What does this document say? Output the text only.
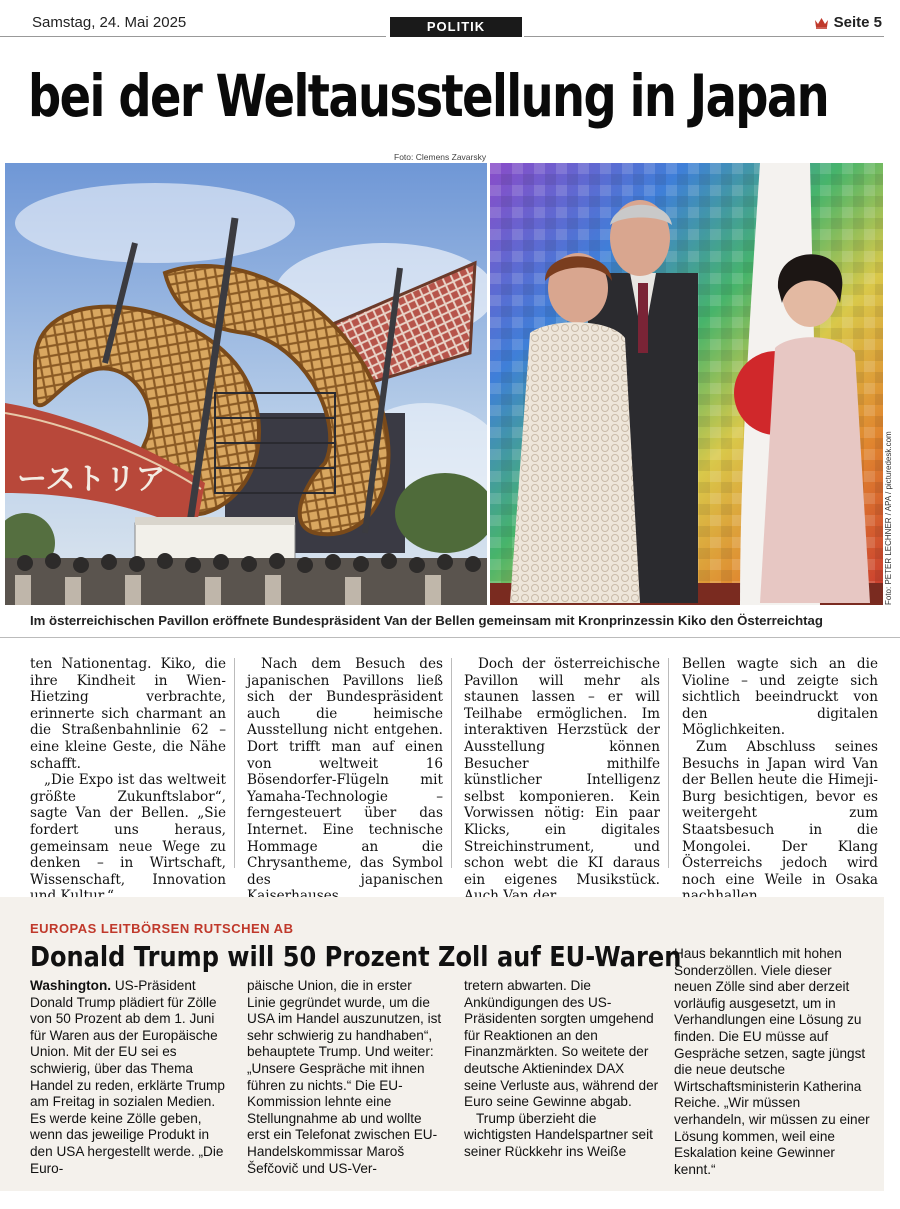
Samstag, 24. Mai 2025	POLITIK	Seite 5
bei der Weltausstellung in Japan
Foto: Clemens Zavarsky
ーストリア	Foto: PETER LECHNER / APA / picturedesk.com
Im österreichischen Pavillon eröffnete Bundespräsident Van der Bellen gemeinsam mit Kronprinzessin Kiko den Österreichtag

ten Nationentag. Kiko, die ihre Kindheit in Wien-Hietzing verbrachte, erinnerte sich charmant an die Straßenbahnlinie 62 – eine kleine Geste, die Nähe schafft.

„Die Expo ist das weltweit größte Zukunftslabor“, sagte Van der Bellen. „Sie fordert uns heraus, gemeinsam neue Wege zu denken – in Wirtschaft, Wissenschaft, Innovation

Nach dem Besuch des japanischen Pavillons ließ sich der Bundespräsident auch die heimische Ausstellung nicht entgehen. Dort trifft man auf einen von weltweit 16 Bösendorfer-Flügeln mit Yamaha-Technologie – ferngesteuert über das Internet. Eine technische Hommage an die Chrysantheme, das Symbol des japanischen

Doch der österreichische Pavillon will mehr als staunen lassen – er will Teilhabe ermöglichen. Im interaktiven Herzstück der Ausstellung können Besucher mithilfe künstlicher Intelligenz selbst komponieren. Kein Vorwissen nötig: Ein paar Klicks, ein digitales Streichinstrument, und schon webt die KI daraus ein eigenes Musikstück.

Bellen wagte sich an die Violine – und zeigte sich sichtlich beeindruckt von den digitalen Möglichkeiten.

Zum Abschluss seines Besuchs in Japan wird Van der Bellen heute die Himeji-Burg besichtigen, bevor es weitergeht zum Staatsbesuch in die Mongolei. Der Klang Österreichs jedoch wird noch eine Weile in Osaka

EUROPAS LEITBÖRSEN RUTSCHEN AB
Donald Trump will 50 Prozent Zoll auf EU-Waren

Washington. US-Präsident Donald Trump plädiert für Zölle von 50 Prozent ab dem 1. Juni für Waren aus der Europäische Union. Mit der EU sei es schwierig, über das Thema Handel zu reden, erklärte Trump am Freitag in sozialen Medien. Es werde keine Zölle geben, wenn das jeweilige Produkt in den USA hergestellt werde. „Die Euro-

päische Union, die in erster Linie gegründet wurde, um die USA im Handel auszunutzen, ist sehr schwierig zu handhaben“, behauptete Trump. Und weiter: „Unsere Gespräche mit ihnen führen zu nichts.“ Die EU-Kommission lehnte eine Stellungnahme ab und wollte erst ein Telefonat zwischen EU-Handelskommissar Maroš Šefčovič und US-Ver-

tretern abwarten. Die Ankündigungen des US-Präsidenten sorgten umgehend für Reaktionen an den Finanzmärkten. So weitete der deutsche Aktienindex DAX seine Verluste aus, während der Euro seine Gewinne abgab.

Trump überzieht die wichtigsten Handelspartner seit seiner Rückkehr ins Weiße

Haus bekanntlich mit hohen Sonderzöllen. Viele dieser neuen Zölle sind aber derzeit vorläufig ausgesetzt, um in Verhandlungen eine Lösung zu finden. Die EU müsse auf Gespräche setzen, sagte jüngst die neue deutsche Wirtschaftsministerin Katherina Reiche. „Wir müssen verhandeln, wir müssen zu einer Lösung kommen, weil eine Eskalation keine Gewinner kennt.“
